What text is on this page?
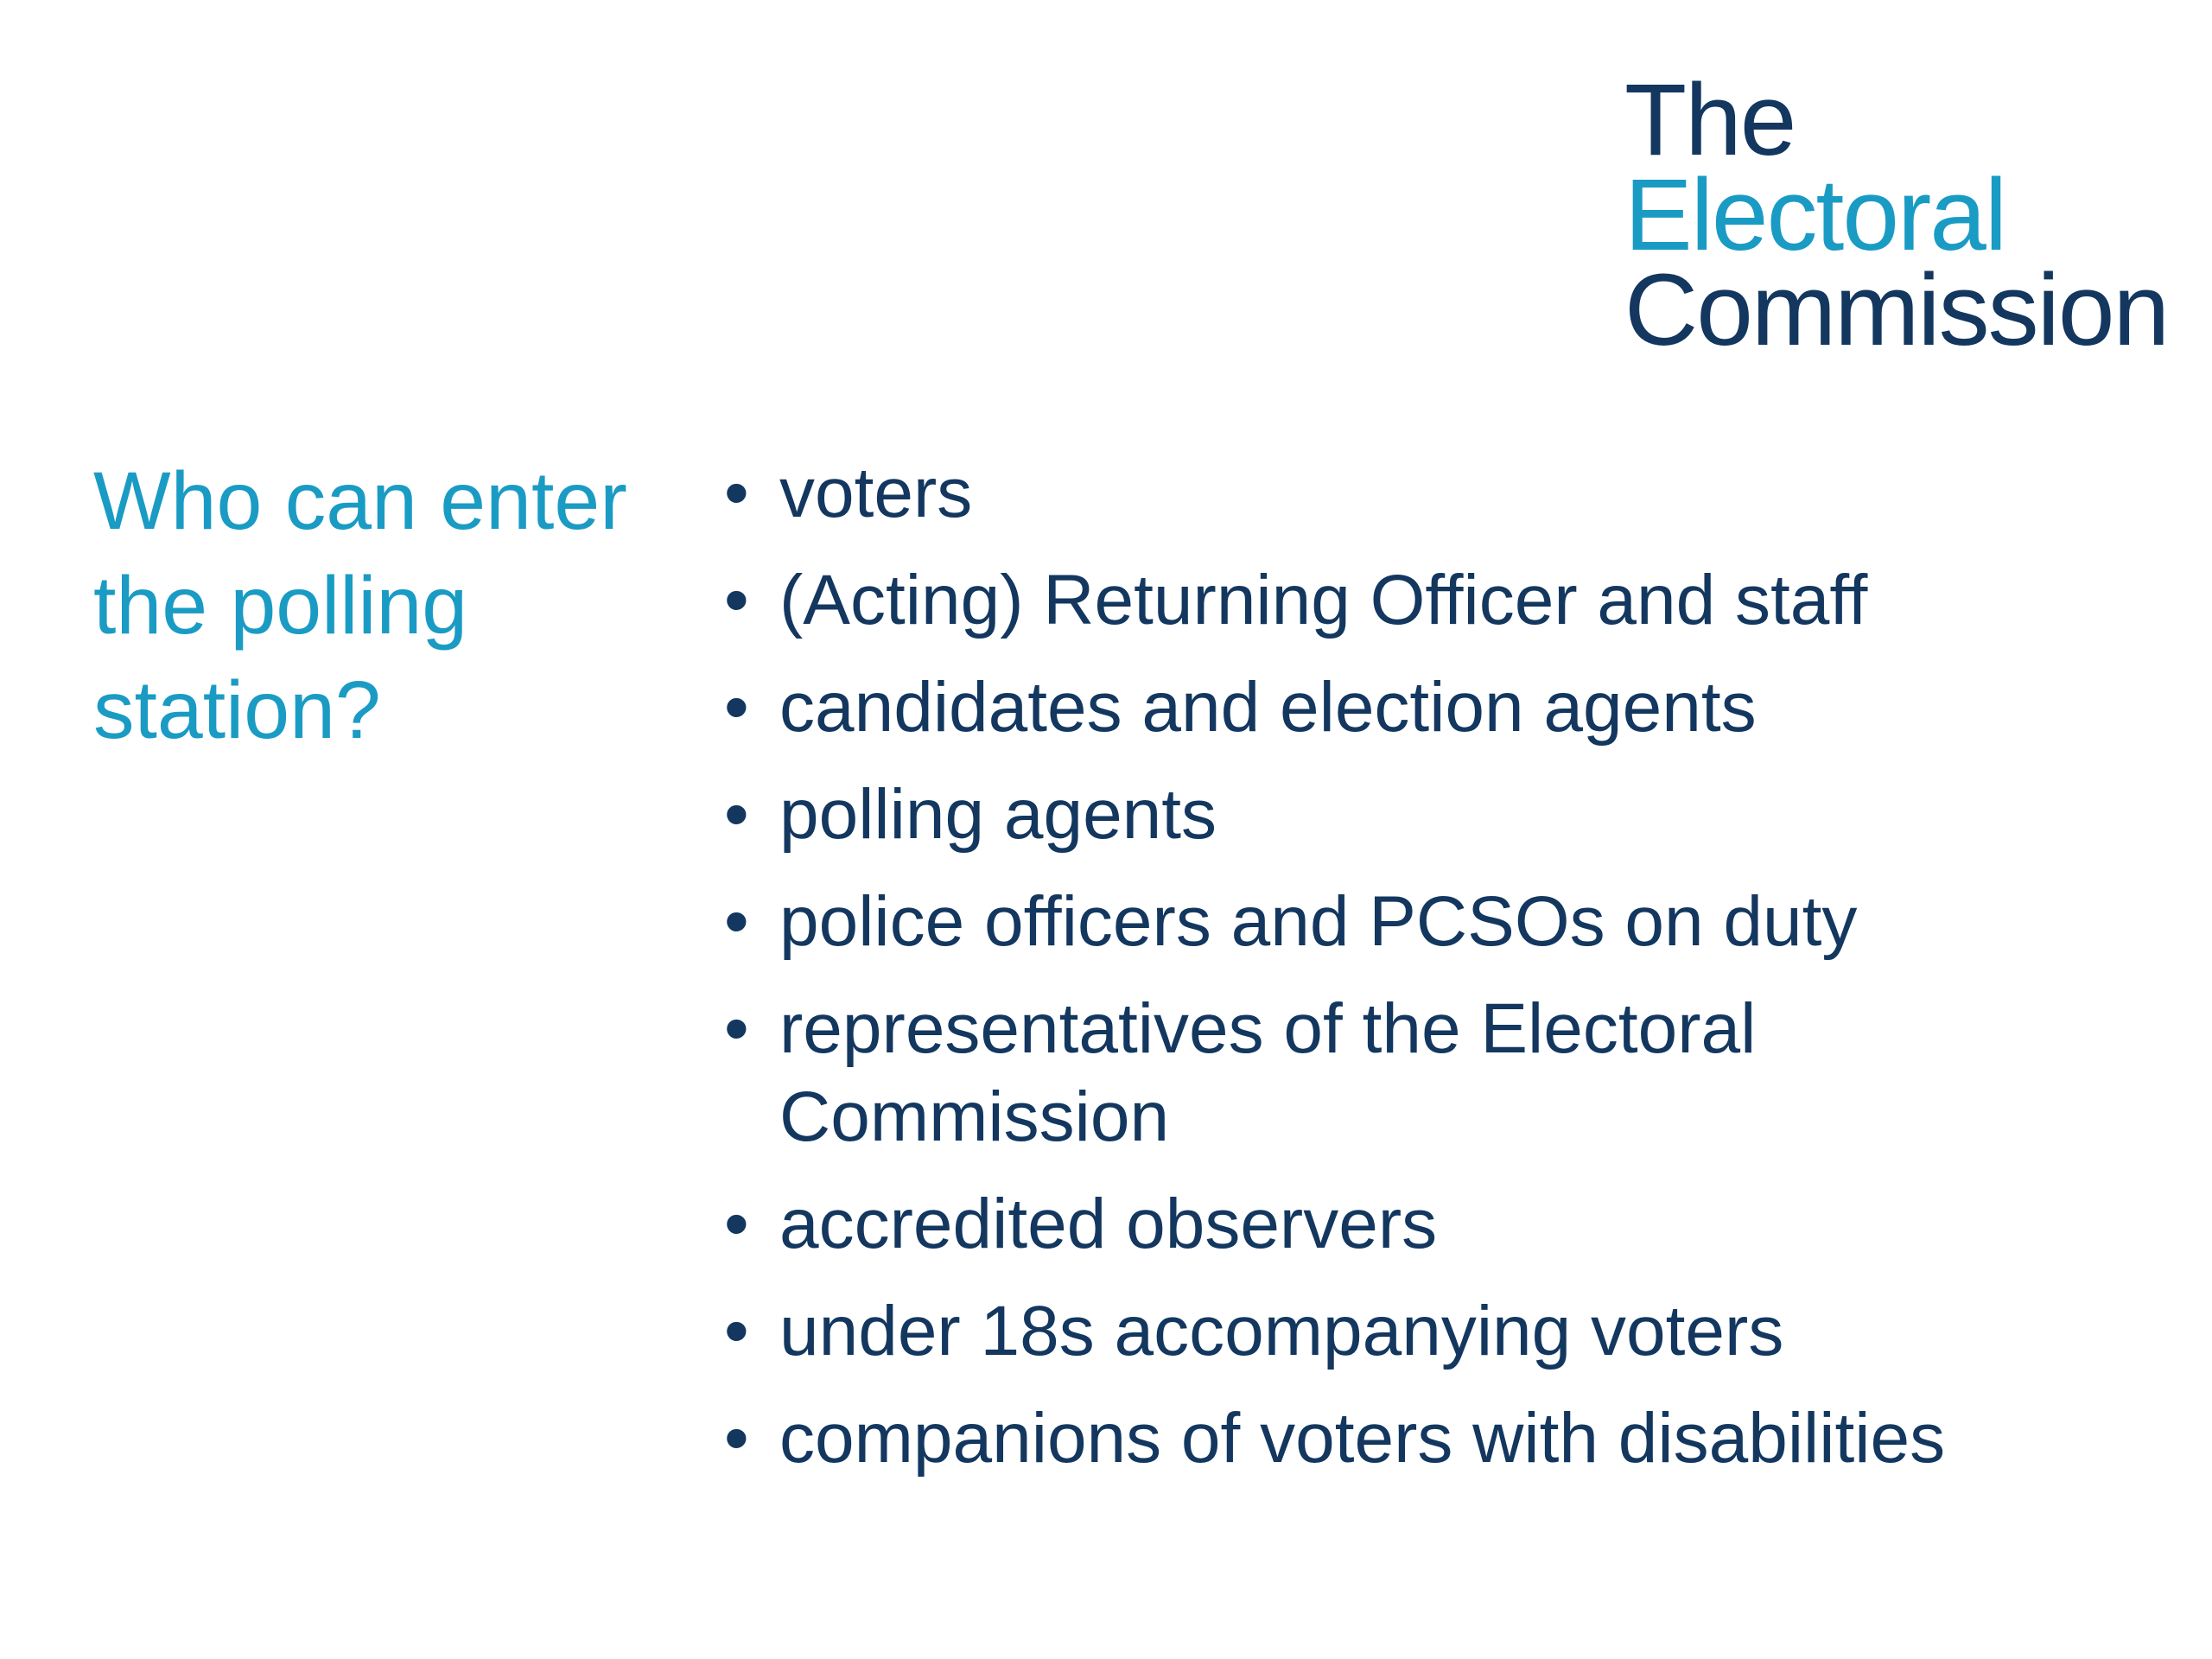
The
Electoral
Commission
Who can enter
the polling
station?
• voters
• (Acting) Returning Officer and staff
• candidates and election agents
• polling agents
• police officers and PCSOs on duty
• representatives of the Electoral Commission
• accredited observers
• under 18s accompanying voters
• companions of voters with disabilities
